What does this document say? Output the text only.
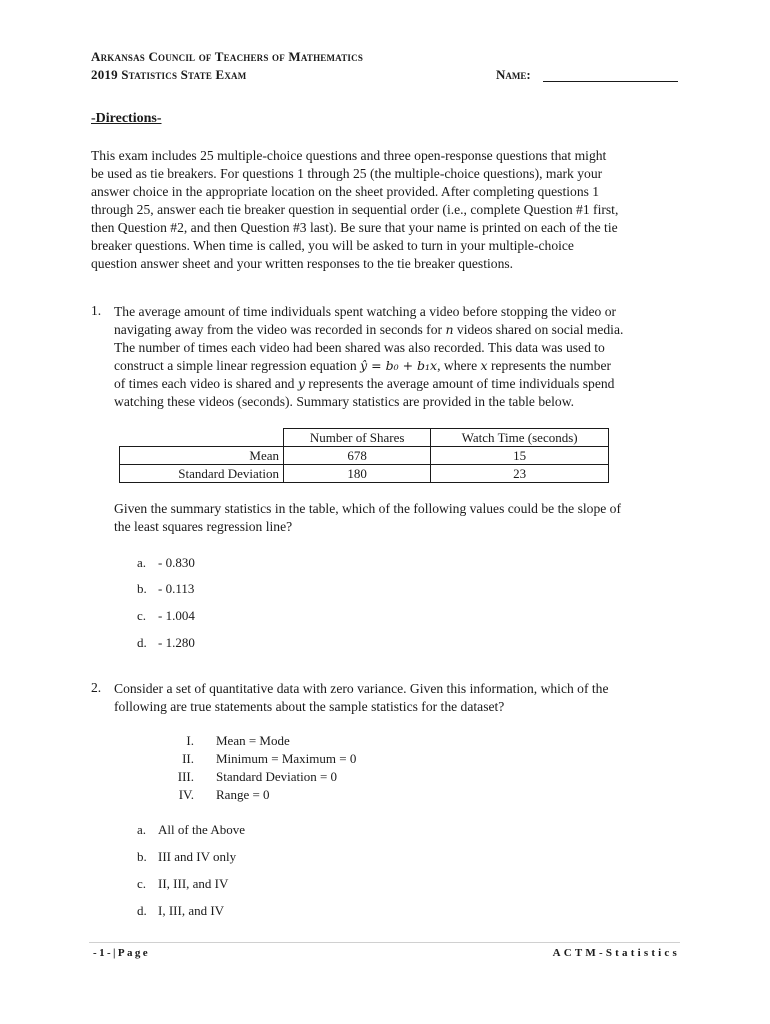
Arkansas Council of Teachers of Mathematics
2019 Statistics State Exam	Name:
-Directions-
This exam includes 25 multiple-choice questions and three open-response questions that might
be used as tie breakers. For questions 1 through 25 (the multiple-choice questions), mark your
answer choice in the appropriate location on the sheet provided. After completing questions 1
through 25, answer each tie breaker question in sequential order (i.e., complete Question #1 first,
then Question #2, and then Question #3 last). Be sure that your name is printed on each of the tie
breaker questions. When time is called, you will be asked to turn in your multiple-choice
question answer sheet and your written responses to the tie breaker questions.
1. The average amount of time individuals spent watching a video before stopping the video or
navigating away from the video was recorded in seconds for n videos shared on social media.
The number of times each video had been shared was also recorded. This data was used to
construct a simple linear regression equation ŷ = b₀ + b₁x, where x represents the number
of times each video is shared and y represents the average amount of time individuals spend
watching these videos (seconds). Summary statistics are provided in the table below.
	Number of Shares	Watch Time (seconds)
Mean	678	15
Standard Deviation	180	23
Given the summary statistics in the table, which of the following values could be the slope of
the least squares regression line?
a. - 0.830
b. - 0.113
c. - 1.004
d. - 1.280
2. Consider a set of quantitative data with zero variance. Given this information, which of the
following are true statements about the sample statistics for the dataset?
I. Mean = Mode
II. Minimum = Maximum = 0
III. Standard Deviation = 0
IV. Range = 0
a. All of the Above
b. III and IV only
c. II, III, and IV
d. I, III, and IV
-1-|Page	ACTM-Statistics
